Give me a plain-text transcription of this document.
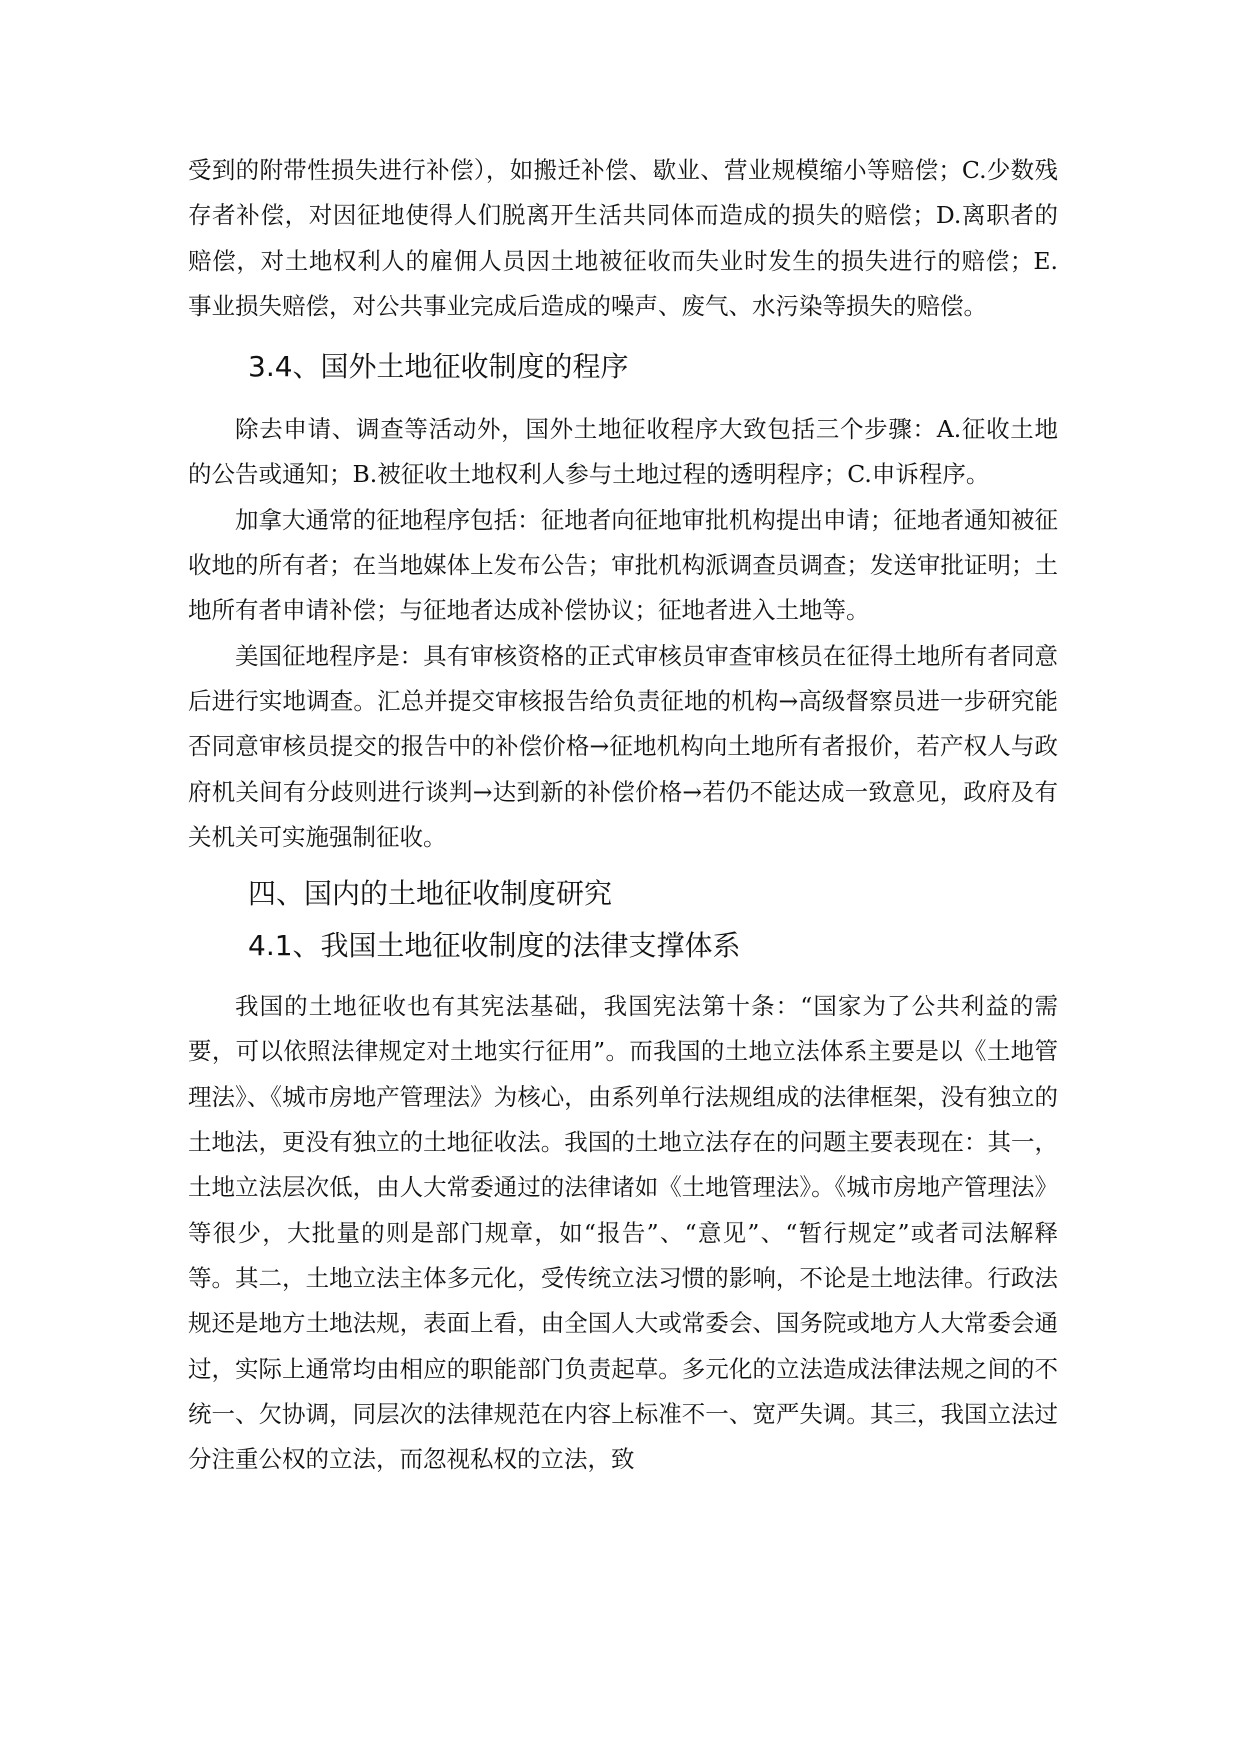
受到的附带性损失进行补偿），如搬迁补偿、歇业、营业规模缩小等赔偿；C.少数残存者补偿，对因征地使得人们脱离开生活共同体而造成的损失的赔偿；D.离职者的赔偿，对土地权利人的雇佣人员因土地被征收而失业时发生的损失进行的赔偿；E.事业损失赔偿，对公共事业完成后造成的噪声、废气、水污染等损失的赔偿。

3.4、国外土地征收制度的程序

除去申请、调查等活动外，国外土地征收程序大致包括三个步骤：A.征收土地的公告或通知；B.被征收土地权利人参与土地过程的透明程序；C.申诉程序。

加拿大通常的征地程序包括：征地者向征地审批机构提出申请；征地者通知被征收地的所有者；在当地媒体上发布公告；审批机构派调查员调查；发送审批证明；土地所有者申请补偿；与征地者达成补偿协议；征地者进入土地等。

美国征地程序是：具有审核资格的正式审核员审查审核员在征得土地所有者同意后进行实地调查。汇总并提交审核报告给负责征地的机构→高级督察员进一步研究能否同意审核员提交的报告中的补偿价格→征地机构向土地所有者报价，若产权人与政府机关间有分歧则进行谈判→达到新的补偿价格→若仍不能达成一致意见，政府及有关机关可实施强制征收。

四、国内的土地征收制度研究
4.1、我国土地征收制度的法律支撑体系

我国的土地征收也有其宪法基础，我国宪法第十条：“国家为了公共利益的需要，可以依照法律规定对土地实行征用”。而我国的土地立法体系主要是以《土地管理法》、《城市房地产管理法》为核心，由系列单行法规组成的法律框架，没有独立的土地法，更没有独立的土地征收法。我国的土地立法存在的问题主要表现在：其一，土地立法层次低，由人大常委通过的法律诸如《土地管理法》。《城市房地产管理法》等很少，大批量的则是部门规章，如“报告”、“意见”、“暂行规定”或者司法解释等。其二，土地立法主体多元化，受传统立法习惯的影响，不论是土地法律。行政法规还是地方土地法规，表面上看，由全国人大或常委会、国务院或地方人大常委会通过，实际上通常均由相应的职能部门负责起草。多元化的立法造成法律法规之间的不统一、欠协调，同层次的法律规范在内容上标准不一、宽严失调。其三，我国立法过分注重公权的立法，而忽视私权的立法，致
